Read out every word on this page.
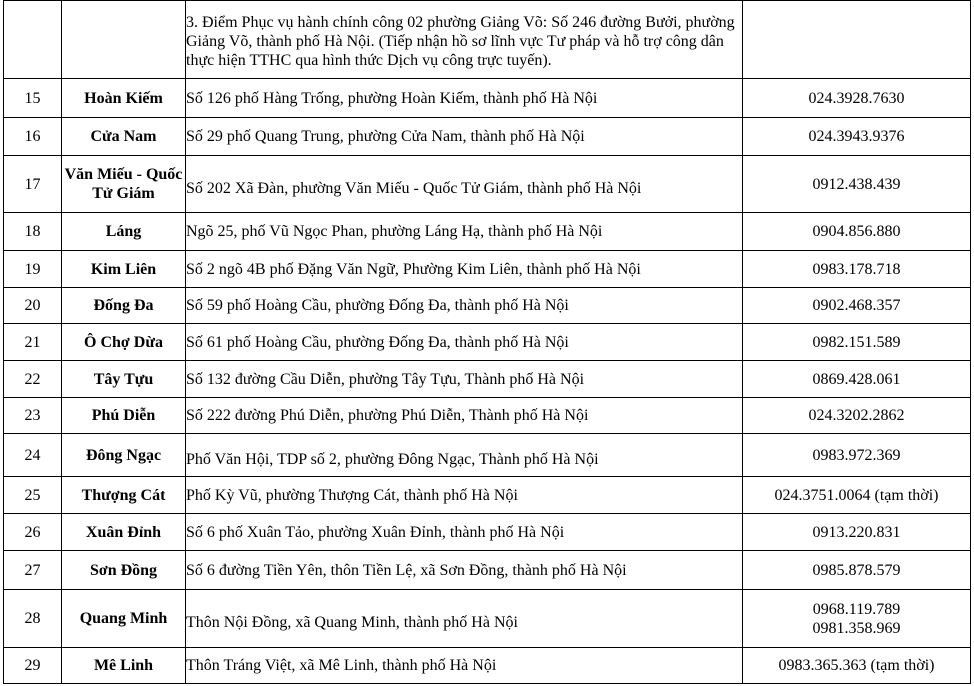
		3. Điểm Phục vụ hành chính công 02 phường Giảng Võ: Số 246 đường Bưởi, phường Giảng Võ, thành phố Hà Nội. (Tiếp nhận hồ sơ lĩnh vực Tư pháp và hỗ trợ công dân thực hiện TTHC qua hình thức Dịch vụ công trực tuyến).	
15	Hoàn Kiếm	Số 126 phố Hàng Trống, phường Hoàn Kiếm, thành phố Hà Nội	024.3928.7630

16	Cửa Nam	Số 29 phố Quang Trung, phường Cửa Nam, thành phố Hà Nội	024.3943.9376

17	Văn Miếu - Quốc Tử Giám	Số 202 Xã Đàn, phường Văn Miếu - Quốc Tử Giám, thành phố Hà Nội	0912.438.439

18	Láng	Ngõ 25, phố Vũ Ngọc Phan, phường Láng Hạ, thành phố Hà Nội	0904.856.880

19	Kim Liên	Số 2 ngõ 4B phố Đặng Văn Ngữ, Phường Kim Liên, thành phố Hà Nội	0983.178.718

20	Đống Đa	Số 59 phố Hoàng Cầu, phường Đống Đa, thành phố Hà Nội	0902.468.357

21	Ô Chợ Dừa	Số 61 phố Hoàng Cầu, phường Đống Đa, thành phố Hà Nội	0982.151.589

22	Tây Tựu	Số 132 đường Cầu Diễn, phường Tây Tựu, Thành phố Hà Nội	0869.428.061

23	Phú Diễn	Số 222 đường Phú Diễn, phường Phú Diễn, Thành phố Hà Nội	024.3202.2862

24	Đông Ngạc	Phố Văn Hội, TDP số 2, phường Đông Ngạc, Thành phố Hà Nội	0983.972.369

25	Thượng Cát	Phố Kỳ Vũ, phường Thượng Cát, thành phố Hà Nội	024.3751.0064 (tạm thời)

26	Xuân Đỉnh	Số 6 phố Xuân Tảo, phường Xuân Đỉnh, thành phố Hà Nội	0913.220.831

27	Sơn Đồng	Số 6 đường Tiền Yên, thôn Tiền Lệ, xã Sơn Đồng, thành phố Hà Nội	0985.878.579

28	Quang Minh	Thôn Nội Đồng, xã Quang Minh, thành phố Hà Nội	0968.119.789
0981.358.969

29	Mê Linh	Thôn Tráng Việt, xã Mê Linh, thành phố Hà Nội	0983.365.363 (tạm thời)
